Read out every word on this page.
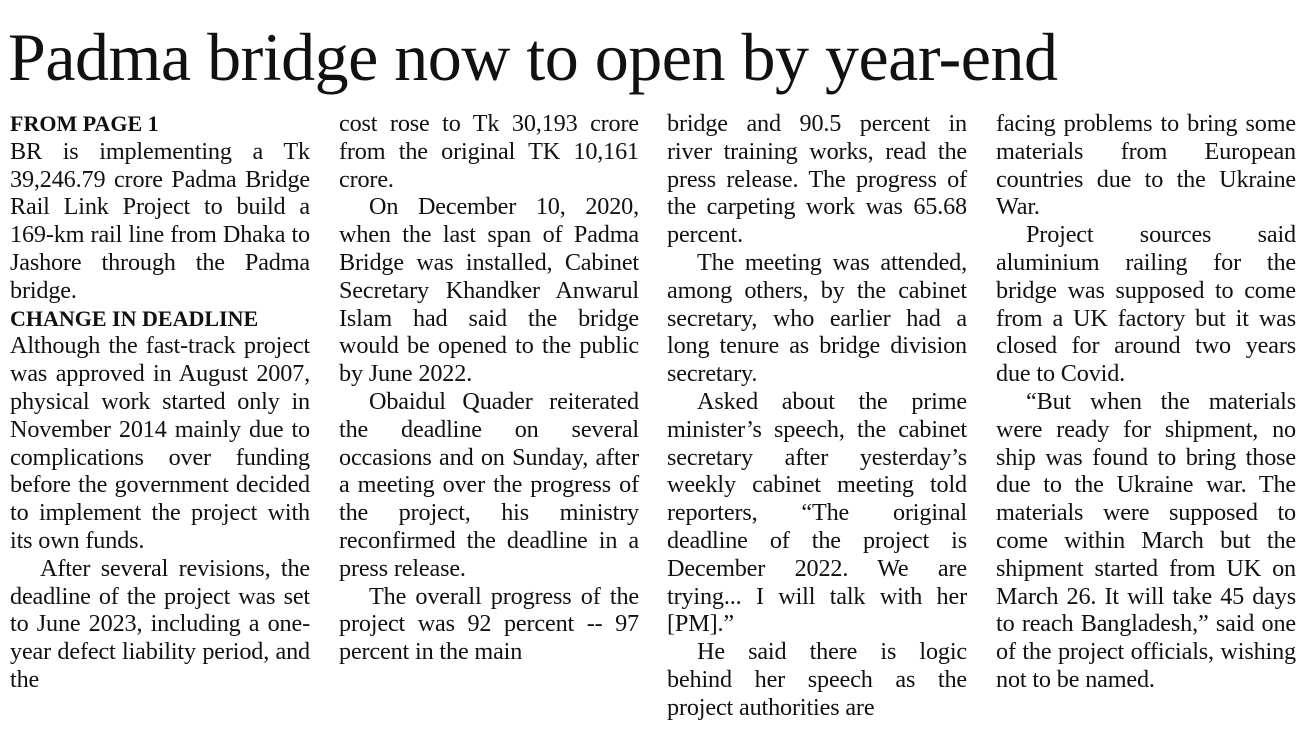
Padma bridge now to open by year-end
FROM PAGE 1

BR is implementing a Tk 39,246.79 crore Padma Bridge Rail Link Project to build a 169-km rail line from Dhaka to Jashore through the Padma bridge.

CHANGE IN DEADLINE

Although the fast-track project was approved in August 2007, physical work started only in November 2014 mainly due to complications over funding before the government decided to implement the project with its own funds.

After several revisions, the deadline of the project was set to June 2023, including a one-year defect liability period, and the

cost rose to Tk 30,193 crore from the original TK 10,161 crore.

On December 10, 2020, when the last span of Padma Bridge was installed, Cabinet Secretary Khandker Anwarul Islam had said the bridge would be opened to the public by June 2022.

Obaidul Quader reiterated the deadline on several occasions and on Sunday, after a meeting over the progress of the project, his ministry reconfirmed the deadline in a press release.

The overall progress of the project was 92 percent -- 97 percent in the main

bridge and 90.5 percent in river training works, read the press release. The progress of the carpeting work was 65.68 percent.

The meeting was attended, among others, by the cabinet secretary, who earlier had a long tenure as bridge division secretary.

Asked about the prime minister’s speech, the cabinet secretary after yesterday’s weekly cabinet meeting told reporters, “The original deadline of the project is December 2022. We are trying... I will talk with her [PM].”

He said there is logic behind her speech as the project authorities are

facing problems to bring some materials from European countries due to the Ukraine War.

Project sources said aluminium railing for the bridge was supposed to come from a UK factory but it was closed for around two years due to Covid.

“But when the materials were ready for shipment, no ship was found to bring those due to the Ukraine war. The materials were supposed to come within March but the shipment started from UK on March 26. It will take 45 days to reach Bangladesh,” said one of the project officials, wishing not to be named.
